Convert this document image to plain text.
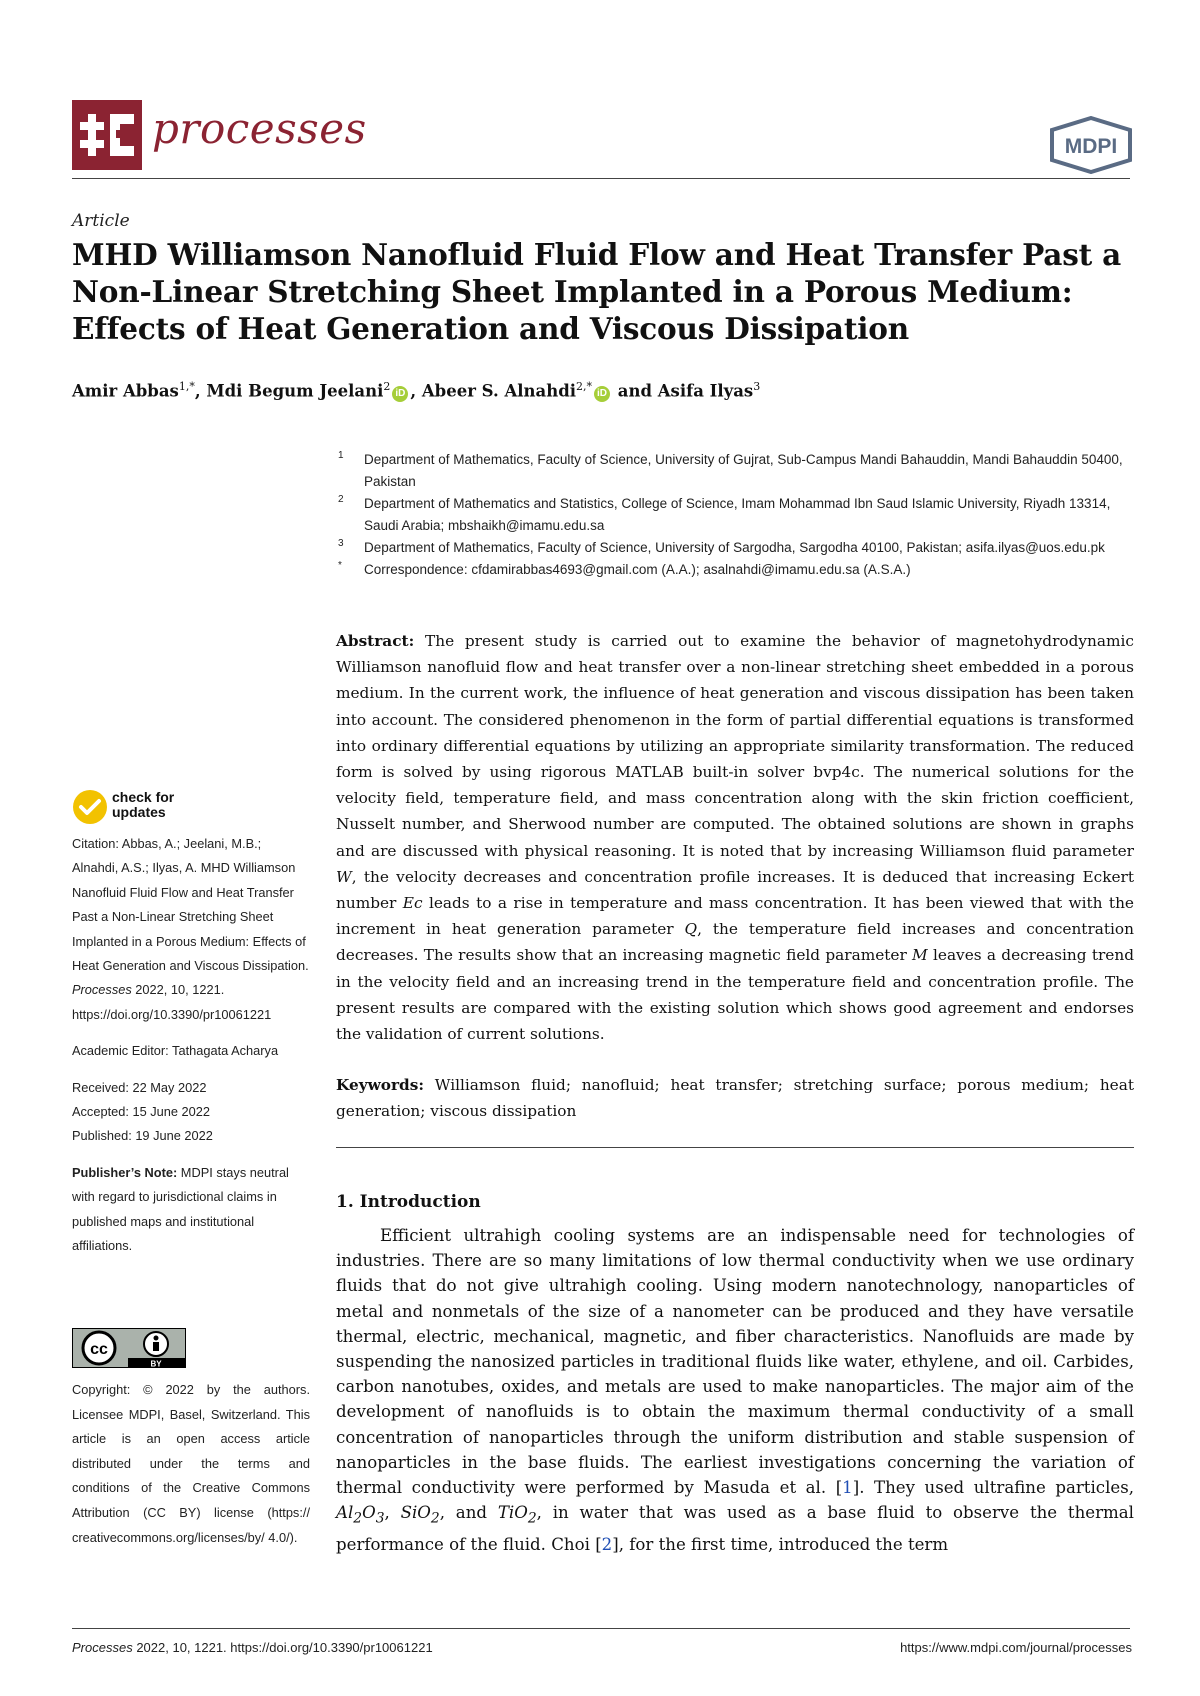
processes	MDPI
Article
MHD Williamson Nanofluid Fluid Flow and Heat Transfer Past a Non-Linear Stretching Sheet Implanted in a Porous Medium: Effects of Heat Generation and Viscous Dissipation
Amir Abbas$^{1,*}$, Mdi Begum Jeelani$^2$ iD , Abeer S. Alnahdi$^{2,*}$ iD and Asifa Ilyas$^3$
1 Department of Mathematics, Faculty of Science, University of Gujrat, Sub-Campus Mandi Bahauddin, Mandi Bahauddin 50400, Pakistan
2 Department of Mathematics and Statistics, College of Science, Imam Mohammad Ibn Saud Islamic University, Riyadh 13314, Saudi Arabia; mbshaikh@imamu.edu.sa
3 Department of Mathematics, Faculty of Science, University of Sargodha, Sargodha 40100, Pakistan; asifa.ilyas@uos.edu.pk
* Correspondence: cfdamirabbas4693@gmail.com (A.A.); asalnahdi@imamu.edu.sa (A.S.A.)
Abstract: The present study is carried out to examine the behavior of magnetohydrodynamic Williamson nanofluid flow and heat transfer over a non-linear stretching sheet embedded in a porous medium. In the current work, the influence of heat generation and viscous dissipation has been taken into account. The considered phenomenon in the form of partial differential equations is transformed into ordinary differential equations by utilizing an appropriate similarity transformation. The reduced form is solved by using rigorous MATLAB built-in solver bvp4c. The numerical solutions for the velocity field, temperature field, and mass concentration along with the skin friction coefficient, Nusselt number, and Sherwood number are computed. The obtained solutions are shown in graphs and are discussed with physical reasoning. It is noted that by increasing Williamson fluid parameter W, the velocity decreases and concentration profile increases. It is deduced that increasing Eckert number Ec leads to a rise in temperature and mass concentration. It has been viewed that with the increment in heat generation parameter Q, the temperature field increases and concentration decreases. The results show that an increasing magnetic field parameter M leaves a decreasing trend in the velocity field and an increasing trend in the temperature field and concentration profile. The present results are compared with the existing solution which shows good agreement and endorses the validation of current solutions.
Keywords: Williamson fluid; nanofluid; heat transfer; stretching surface; porous medium; heat generation; viscous dissipation
1. Introduction
Efficient ultrahigh cooling systems are an indispensable need for technologies of industries. There are so many limitations of low thermal conductivity when we use ordinary fluids that do not give ultrahigh cooling. Using modern nanotechnology, nanoparticles of metal and nonmetals of the size of a nanometer can be produced and they have versatile thermal, electric, mechanical, magnetic, and fiber characteristics. Nanofluids are made by suspending the nanosized particles in traditional fluids like water, ethylene, and oil. Carbides, carbon nanotubes, oxides, and metals are used to make nanoparticles. The major aim of the development of nanofluids is to obtain the maximum thermal conductivity of a small concentration of nanoparticles through the uniform distribution and stable suspension of nanoparticles in the base fluids. The earliest investigations concerning the variation of thermal conductivity were performed by Masuda et al. [1]. They used ultrafine particles, $Al_2O_3$, SiO$_2$, and TiO$_2$, in water that was used as a base fluid to observe the thermal performance of the fluid. Choi [2], for the first time, introduced the term
check for
updates

Citation: Abbas, A.; Jeelani, M.B.; Alnahdi, A.S.; Ilyas, A. MHD Williamson Nanofluid Fluid Flow and Heat Transfer Past a Non-Linear Stretching Sheet Implanted in a Porous Medium: Effects of Heat Generation and Viscous Dissipation. Processes 2022, 10, 1221. https://doi.org/10.3390/pr10061221

Academic Editor: Tathagata Acharya

Received: 22 May 2022

Accepted: 15 June 2022

Published: 19 June 2022

Publisher’s Note: MDPI stays neutral with regard to jurisdictional claims in published maps and institutional affiliations.

cc
BY
Copyright: © 2022 by the authors. Licensee MDPI, Basel, Switzerland. This article is an open access article distributed under the terms and conditions of the Creative Commons Attribution (CC BY) license (https:// creativecommons.org/licenses/by/ 4.0/).
Processes 2022, 10, 1221. https://doi.org/10.3390/pr10061221	https://www.mdpi.com/journal/processes
